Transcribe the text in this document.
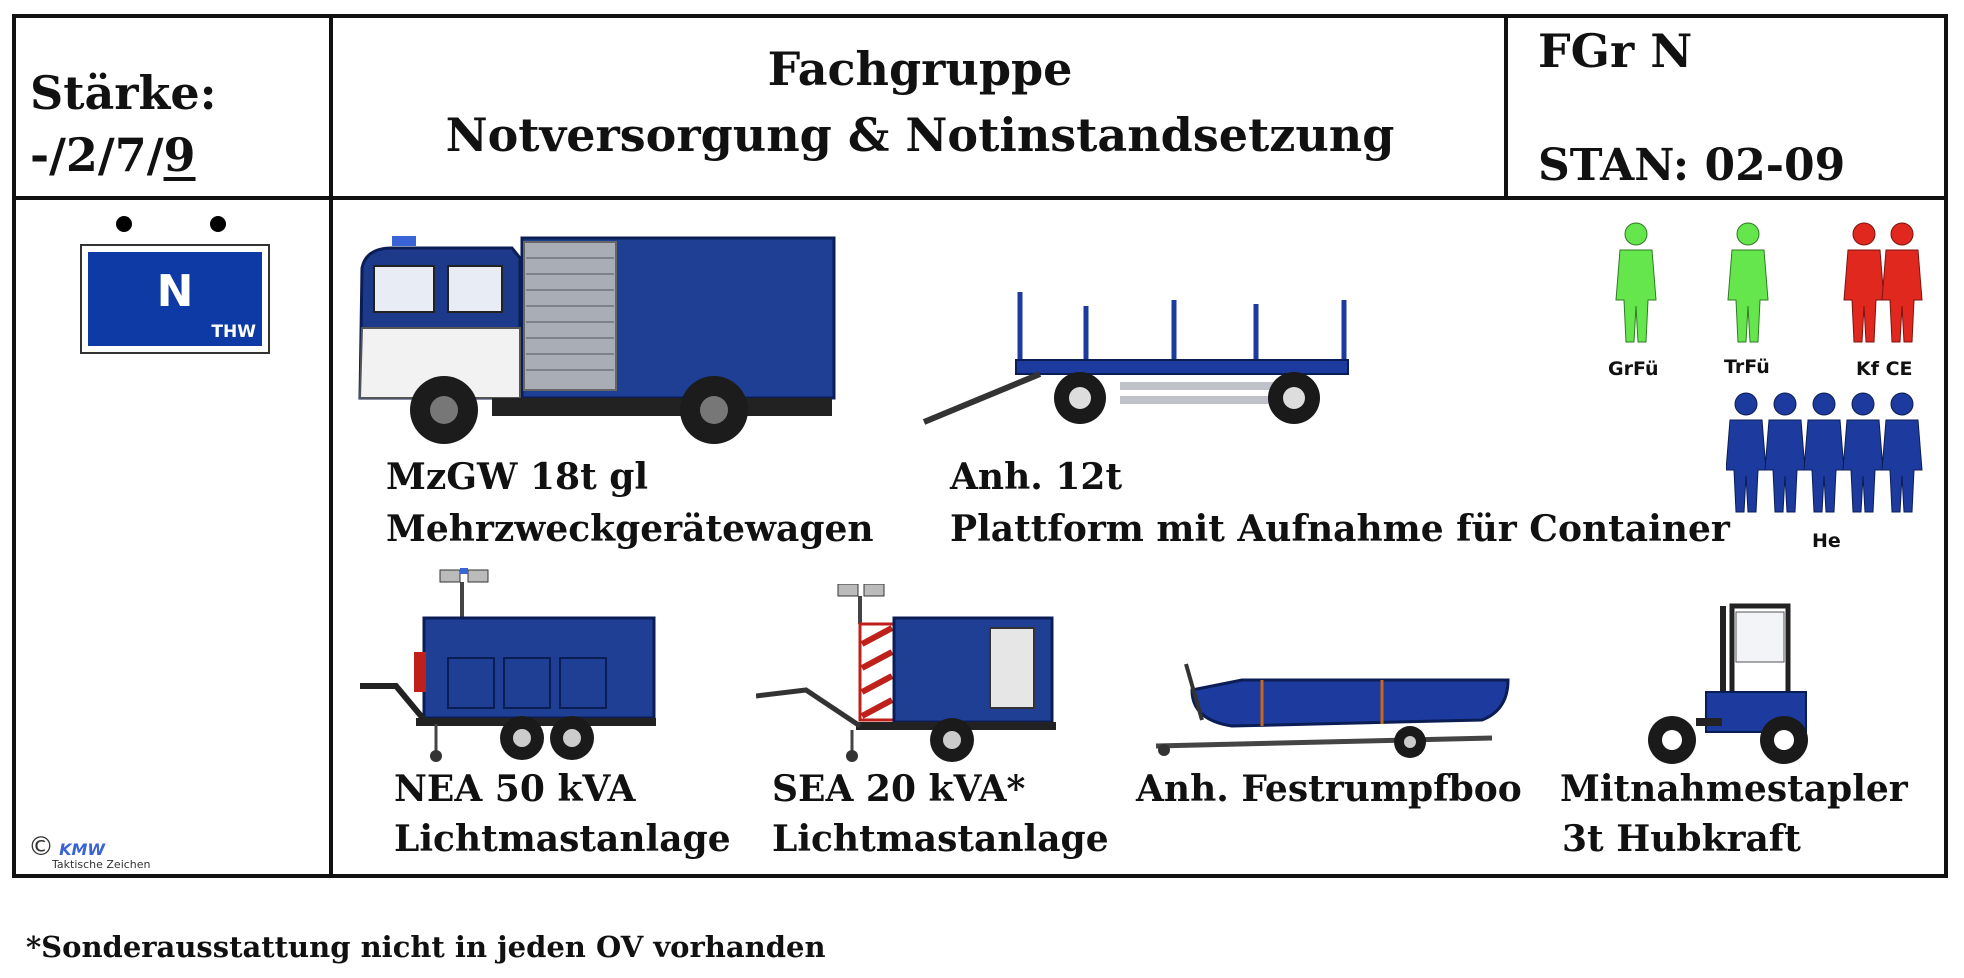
Stärke:
-/2/7/9
Fachgruppe
Notversorgung & Notinstandsetzung
FGr N
STAN: 02-09
N
THW
GrFü	TrFü	Kf CE
He
MzGW 18t gl
Mehrzweckgerätewagen
Anh. 12t
Plattform mit Aufnahme für Container
NEA 50 kVA
Lichtmastanlage
SEA 20 kVA*
Lichtmastanlage
Anh. Festrumpfboo Mitnahmestapler
3t Hubkraft
© KMW
Taktische Zeichen
*Sonderausstattung nicht in jeden OV vorhanden
